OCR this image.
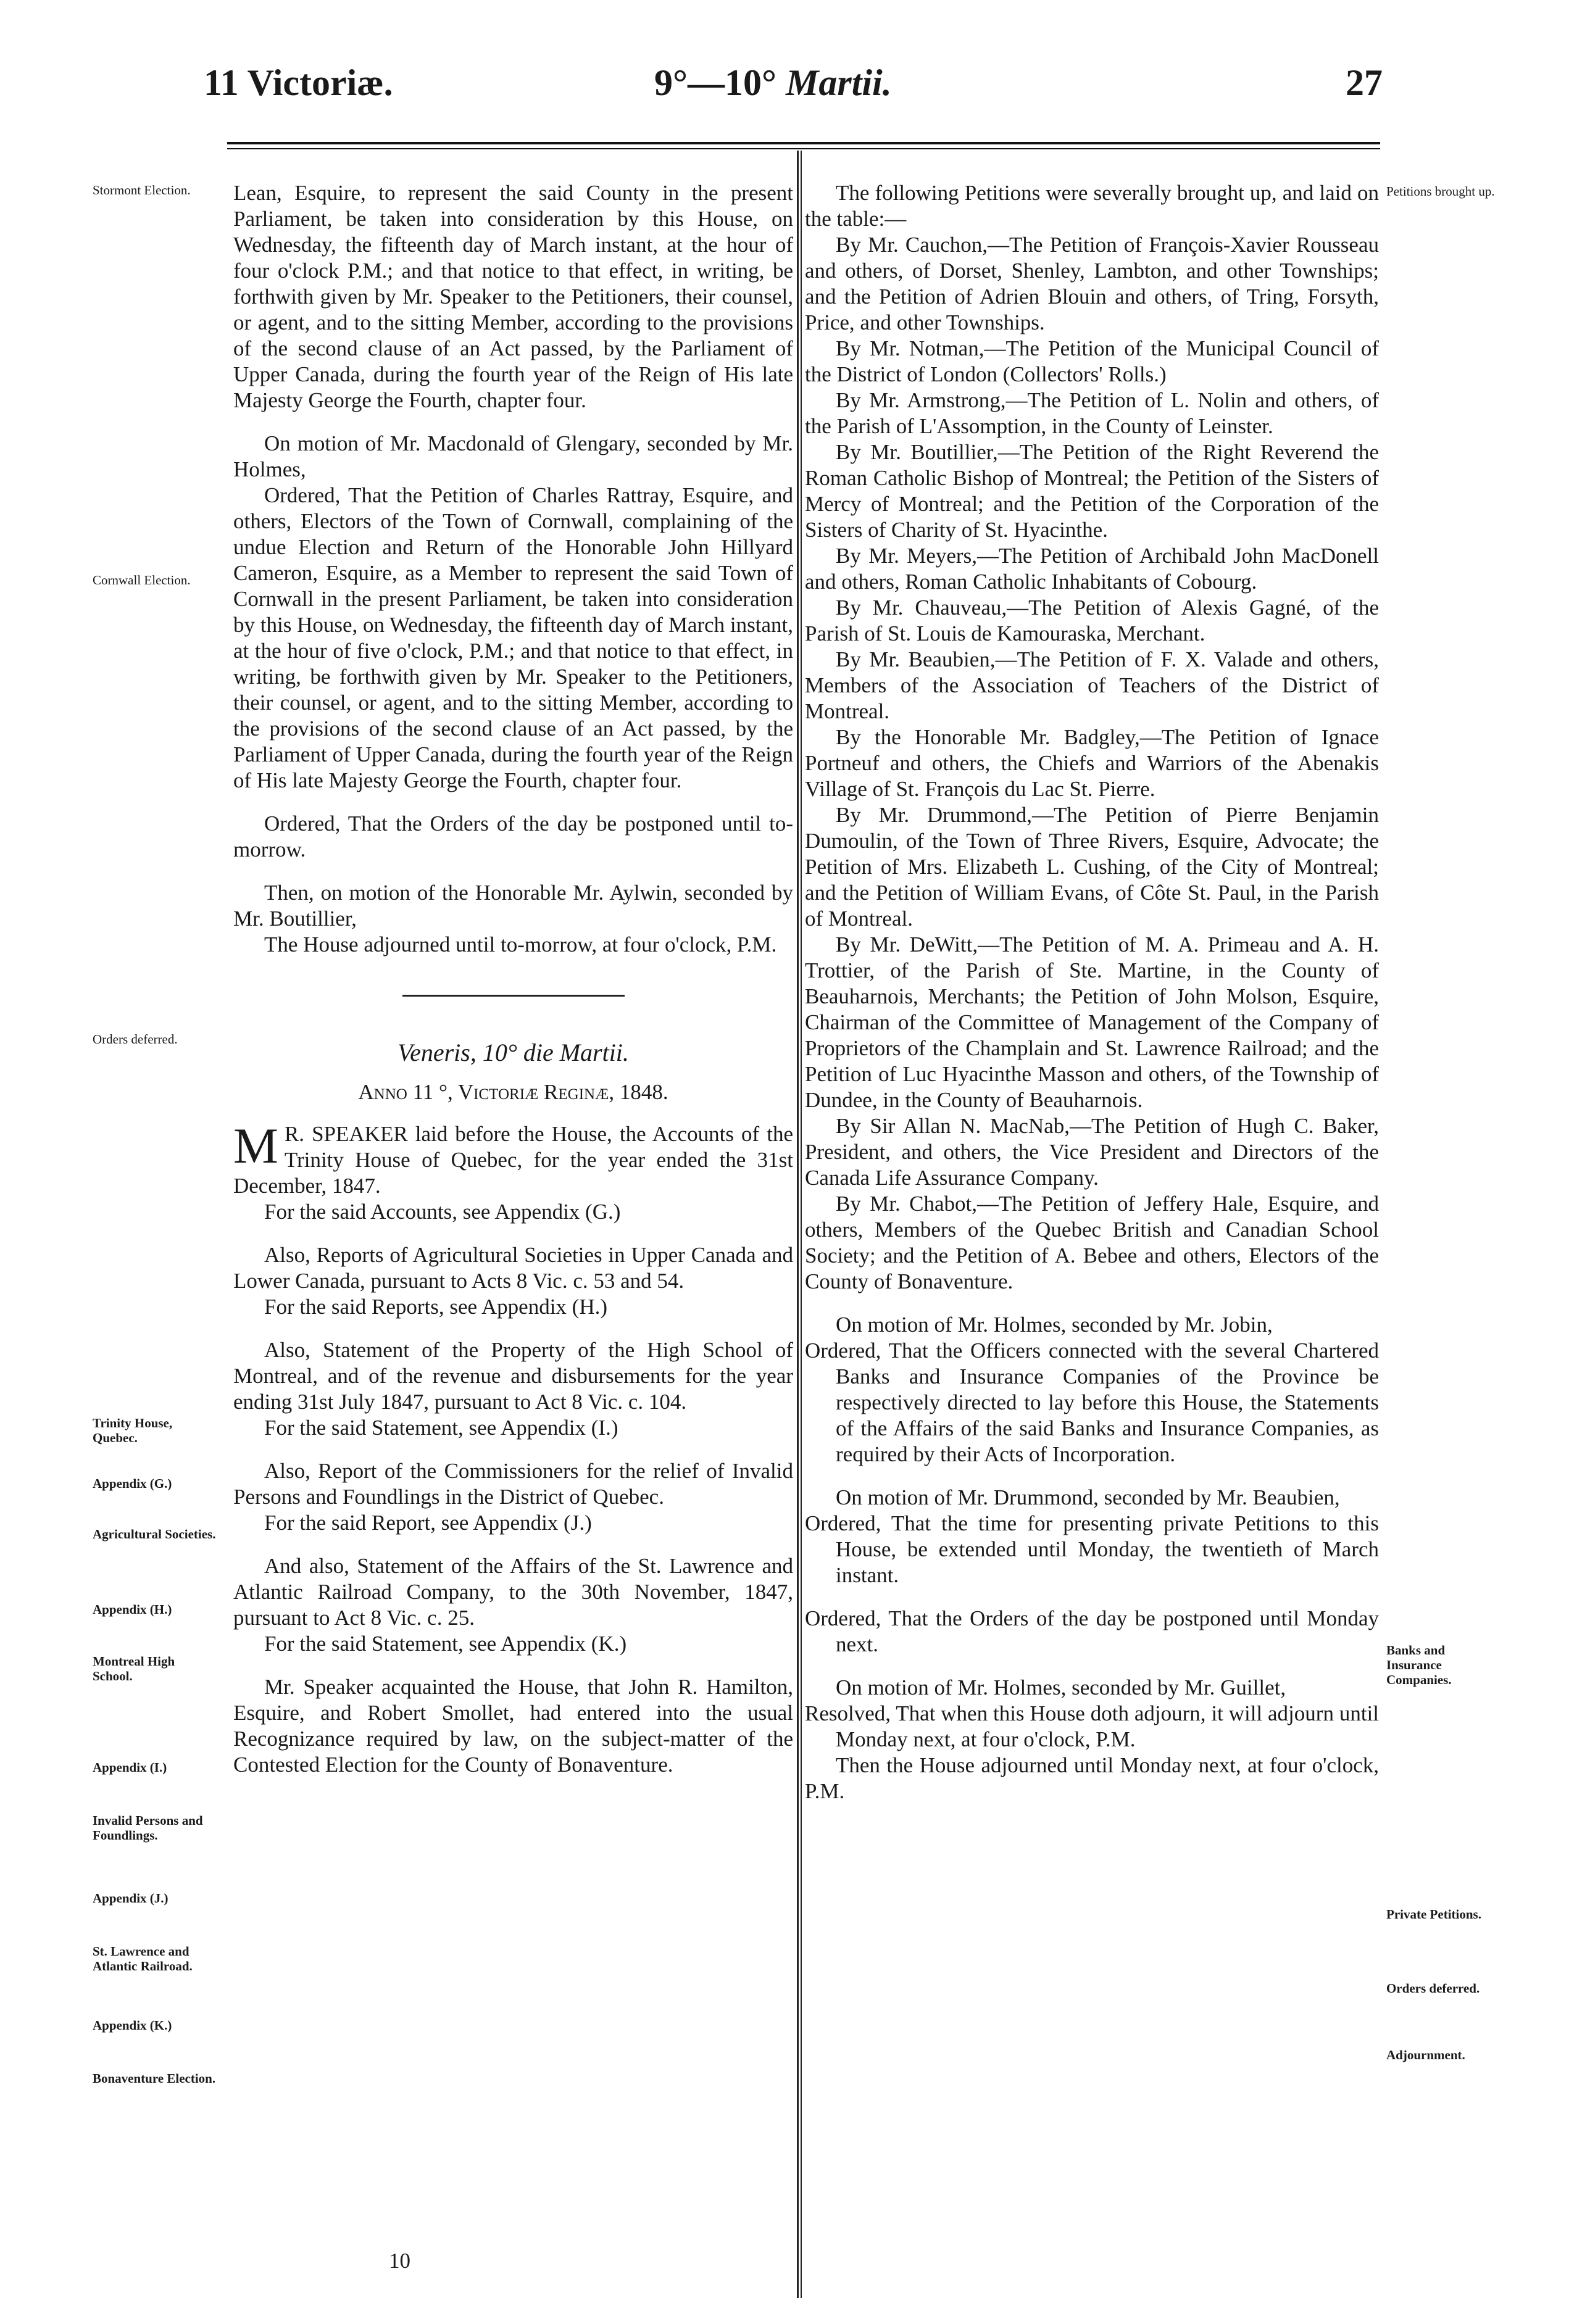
11 Victoriæ.	9°—10° Martii.	27

Lean, Esquire, to represent the said County in the present Parliament, be taken into consideration by this House, on Wednesday, the fifteenth day of March instant, at the hour of four o'clock P.M.; and that notice to that effect, in writing, be forthwith given by Mr. Speaker to the Petitioners, their counsel, or agent, and to the sitting Member, according to the provisions of the second clause of an Act passed, by the Parliament of Upper Canada, during the fourth year of the Reign of His late Majesty George the Fourth, chapter four.

On motion of Mr. Macdonald of Glengary, seconded by Mr. Holmes,

Ordered, That the Petition of Charles Rattray, Esquire, and others, Electors of the Town of Cornwall, complaining of the undue Election and Return of the Honorable John Hillyard Cameron, Esquire, as a Member to represent the said Town of Cornwall in the present Parliament, be taken into consideration by this House, on Wednesday, the fifteenth day of March instant, at the hour of five o'clock, P.M.; and that notice to that effect, in writing, be forthwith given by Mr. Speaker to the Petitioners, their counsel, or agent, and to the sitting Member, according to the provisions of the second clause of an Act passed, by the Parliament of Upper Canada, during the fourth year of the Reign of His late Majesty George the Fourth, chapter four.

Ordered, That the Orders of the day be postponed until to-morrow.

Then, on motion of the Honorable Mr. Aylwin, seconded by Mr. Boutillier,

The House adjourned until to-morrow, at four o'clock, P.M.

Veneris, 10° die Martii.

Anno 11 °, Victoriæ Reginæ, 1848.

M R. SPEAKER laid before the House, the Accounts of the Trinity House of Quebec, for the year ended the 31st December, 1847.

For the said Accounts, see Appendix (G.)

Also, Reports of Agricultural Societies in Upper Canada and Lower Canada, pursuant to Acts 8 Vic. c. 53 and 54.

For the said Reports, see Appendix (H.)

Also, Statement of the Property of the High School of Montreal, and of the revenue and disbursements for the year ending 31st July 1847, pursuant to Act 8 Vic. c. 104.

For the said Statement, see Appendix (I.)

Also, Report of the Commissioners for the relief of Invalid Persons and Foundlings in the District of Quebec.

For the said Report, see Appendix (J.)

And also, Statement of the Affairs of the St. Lawrence and Atlantic Railroad Company, to the 30th November, 1847, pursuant to Act 8 Vic. c. 25.

For the said Statement, see Appendix (K.)

Mr. Speaker acquainted the House, that John R. Hamilton, Esquire, and Robert Smollet, had entered into the usual Recognizance required by law, on the subject-matter of the Contested Election for the County of Bonaventure.

10

The following Petitions were severally brought up, and laid on the table:—

By Mr. Cauchon,—The Petition of François-Xavier Rousseau and others, of Dorset, Shenley, Lambton, and other Townships; and the Petition of Adrien Blouin and others, of Tring, Forsyth, Price, and other Townships.

By Mr. Notman,—The Petition of the Municipal Council of the District of London (Collectors' Rolls.)

By Mr. Armstrong,—The Petition of L. Nolin and others, of the Parish of L'Assomption, in the County of Leinster.

By Mr. Boutillier,—The Petition of the Right Reverend the Roman Catholic Bishop of Montreal; the Petition of the Sisters of Mercy of Montreal; and the Petition of the Corporation of the Sisters of Charity of St. Hyacinthe.

By Mr. Meyers,—The Petition of Archibald John MacDonell and others, Roman Catholic Inhabitants of Cobourg.

By Mr. Chauveau,—The Petition of Alexis Gagné, of the Parish of St. Louis de Kamouraska, Merchant.

By Mr. Beaubien,—The Petition of F. X. Valade and others, Members of the Association of Teachers of the District of Montreal.

By the Honorable Mr. Badgley,—The Petition of Ignace Portneuf and others, the Chiefs and Warriors of the Abenakis Village of St. François du Lac St. Pierre.

By Mr. Drummond,—The Petition of Pierre Benjamin Dumoulin, of the Town of Three Rivers, Esquire, Advocate; the Petition of Mrs. Elizabeth L. Cushing, of the City of Montreal; and the Petition of William Evans, of Côte St. Paul, in the Parish of Montreal.

By Mr. DeWitt,—The Petition of M. A. Primeau and A. H. Trottier, of the Parish of Ste. Martine, in the County of Beauharnois, Merchants; the Petition of John Molson, Esquire, Chairman of the Committee of Management of the Company of Proprietors of the Champlain and St. Lawrence Railroad; and the Petition of Luc Hyacinthe Masson and others, of the Township of Dundee, in the County of Beauharnois.

By Sir Allan N. MacNab,—The Petition of Hugh C. Baker, President, and others, the Vice President and Directors of the Canada Life Assurance Company.

By Mr. Chabot,—The Petition of Jeffery Hale, Esquire, and others, Members of the Quebec British and Canadian School Society; and the Petition of A. Bebee and others, Electors of the County of Bonaventure.

On motion of Mr. Holmes, seconded by Mr. Jobin,

Ordered, That the Officers connected with the several Chartered Banks and Insurance Companies of the Province be respectively directed to lay before this House, the Statements of the Affairs of the said Banks and Insurance Companies, as required by their Acts of Incorporation.

On motion of Mr. Drummond, seconded by Mr. Beaubien,

Ordered, That the time for presenting private Petitions to this House, be extended until Monday, the twentieth of March instant.

Ordered, That the Orders of the day be postponed until Monday next.

On motion of Mr. Holmes, seconded by Mr. Guillet,

Resolved, That when this House doth adjourn, it will adjourn until Monday next, at four o'clock, P.M.

Then the House adjourned until Monday next, at four o'clock, P.M.

Stormont Election.
Cornwall Election.
Orders deferred.
Trinity House, Quebec.
Appendix (G.)
Agricultural Societies.
Appendix (H.)
Montreal High School.
Appendix (I.)
Invalid Persons and Foundlings.
Appendix (J.)
St. Lawrence and Atlantic Railroad.
Appendix (K.)
Bonaventure Election.
Petitions brought up.
Banks and Insurance Companies.
Private Petitions.
Orders deferred.
Adjournment.
